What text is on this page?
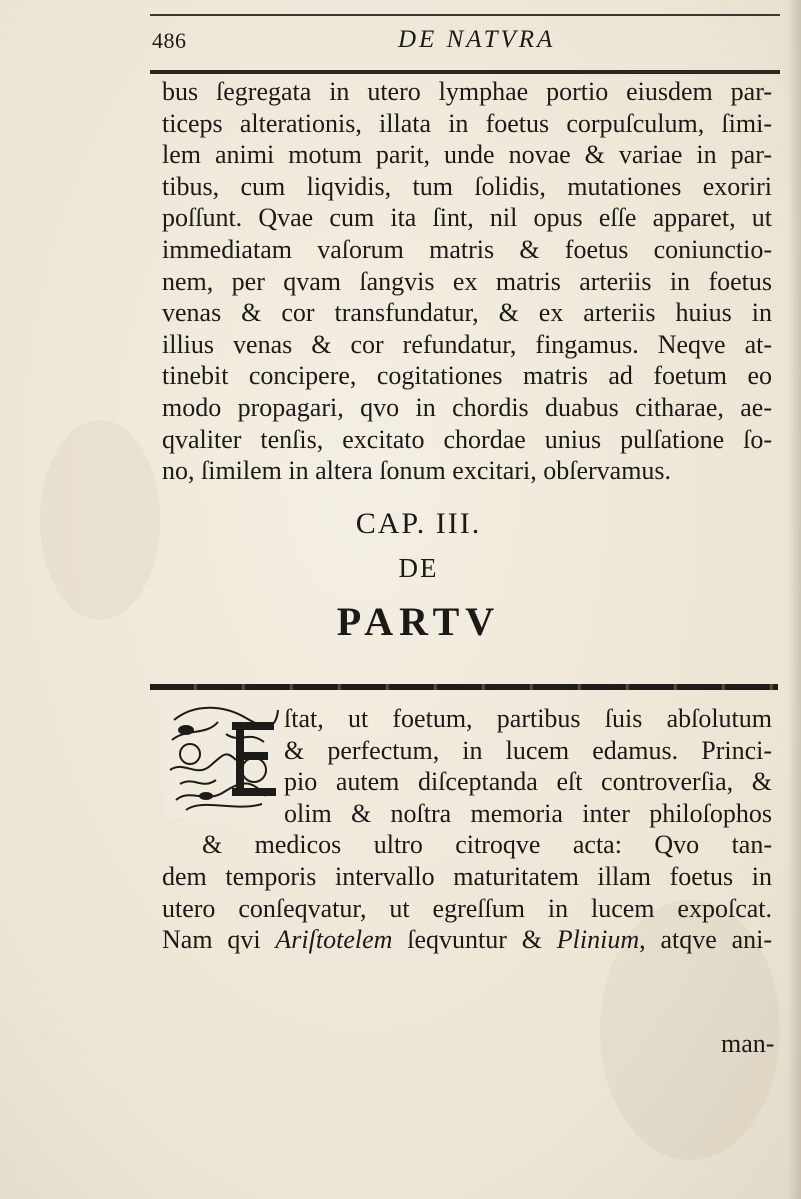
486	DE NATVRA

bus ſegregata in utero lymphae portio eiusdem par-
ticeps alterationis, illata in foetus corpuſculum, ſimi-
lem animi motum parit, unde novae & variae in par-
tibus, cum liqvidis, tum ſolidis, mutationes exoriri
poſſunt. Qvae cum ita ſint, nil opus eſſe apparet, ut
immediatam vaſorum matris & foetus coniunctio-
nem, per qvam ſangvis ex matris arteriis in foetus
venas & cor transfundatur, & ex arteriis huius in
illius venas & cor refundatur, fingamus. Neqve at-
tinebit concipere, cogitationes matris ad foetum eo
modo propagari, qvo in chordis duabus citharae, ae-
qvaliter tenſis, excitato chordae unius pulſatione ſo-
no, ſimilem in altera ſonum excitari, obſervamus.

CAP. III.
DE
PARTV
ſtat, ut foetum, partibus ſuis abſolutum
& perfectum, in lucem edamus. Princi-
pio autem diſceptanda eſt controverſia, &
olim & noſtra memoria inter philoſophos
& medicos ultro citroqve acta: Qvo tan-
dem temporis intervallo maturitatem illam foetus in
utero conſeqvatur, ut egreſſum in lucem expoſcat.
Nam qvi Ariſtotelem ſeqvuntur & Plinium, atqve ani-
man-
